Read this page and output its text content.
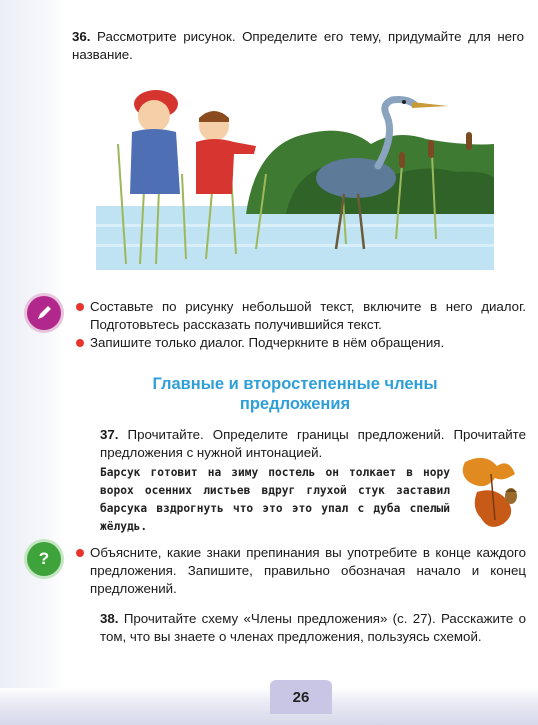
36. Рассмотрите рисунок. Определите его тему, придумайте для него название.
Составьте по рисунку небольшой текст, включите в него диалог. Подготовьтесь рассказать получившийся текст.
Запишите только диалог. Подчеркните в нём обращения.
Главные и второстепенные члены предложения
37. Прочитайте. Определите границы предложений. Прочитайте предложения с нужной интонацией.
Барсук готовит на зиму постель он толкает в нору ворох осенних листьев вдруг глухой стук заставил барсука вздрогнуть что это это упал с дуба спелый жёлудь.
?	Объясните, какие знаки препинания вы употребите в конце каждого предложения. Запишите, правильно обозначая начало и конец предложений.
38. Прочитайте схему «Члены предложения» (с. 27). Расскажите о том, что вы знаете о членах предложения, пользуясь схемой.
26
